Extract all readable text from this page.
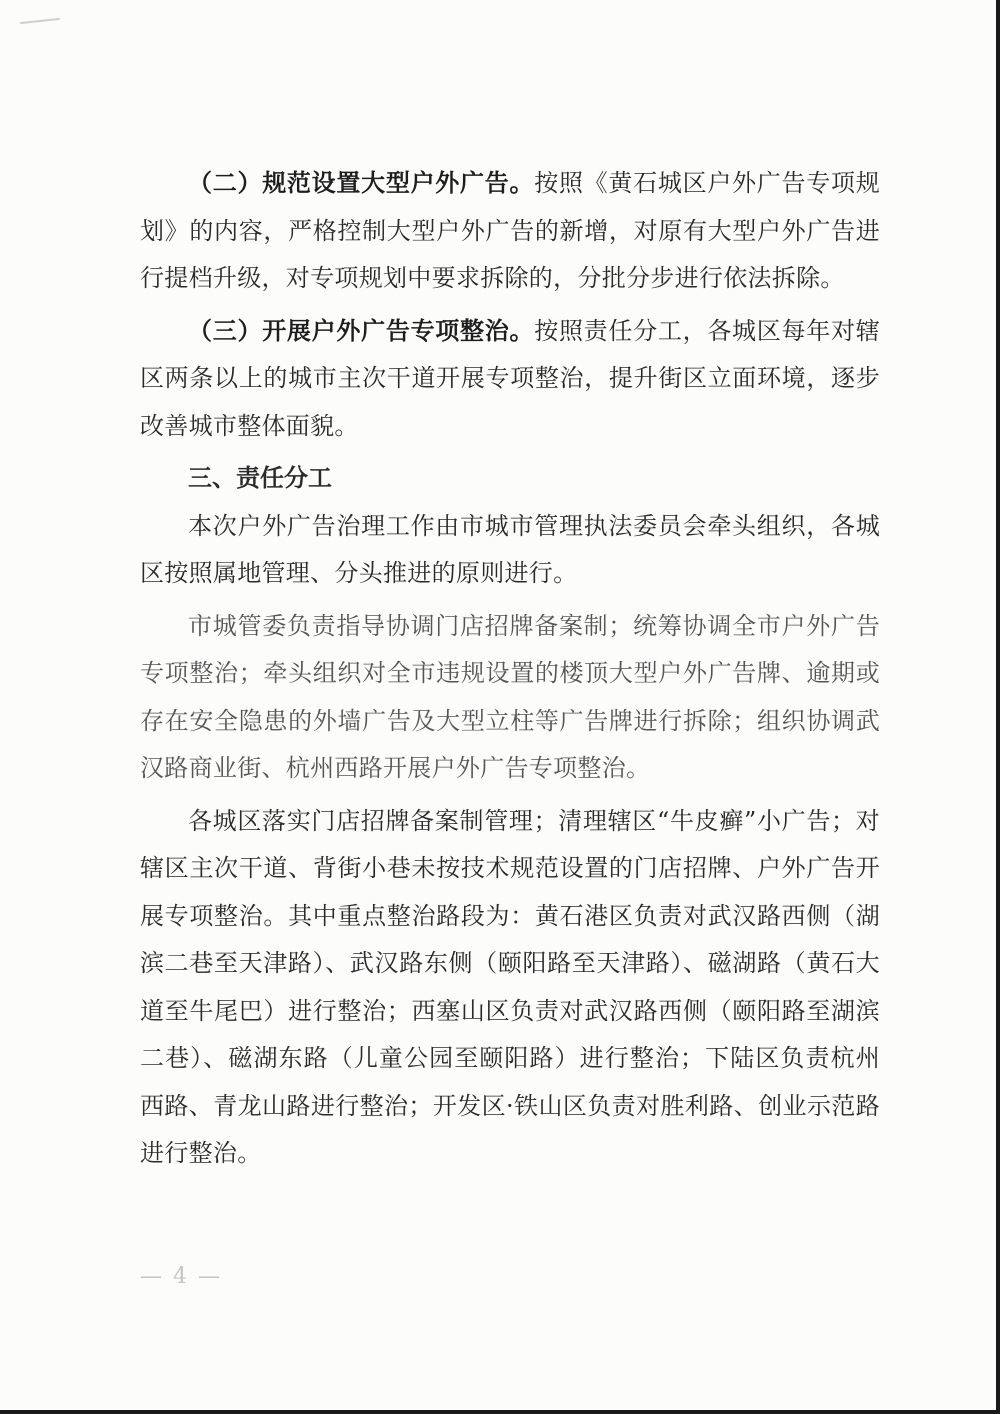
（二）规范设置大型户外广告。按照《黄石城区户外广告专项规划》的内容，严格控制大型户外广告的新增，对原有大型户外广告进行提档升级，对专项规划中要求拆除的，分批分步进行依法拆除。

（三）开展户外广告专项整治。按照责任分工，各城区每年对辖区两条以上的城市主次干道开展专项整治，提升街区立面环境，逐步改善城市整体面貌。

三、责任分工

本次户外广告治理工作由市城市管理执法委员会牵头组织，各城区按照属地管理、分头推进的原则进行。

市城管委负责指导协调门店招牌备案制；统筹协调全市户外广告专项整治；牵头组织对全市违规设置的楼顶大型户外广告牌、逾期或存在安全隐患的外墙广告及大型立柱等广告牌进行拆除；组织协调武汉路商业街、杭州西路开展户外广告专项整治。

各城区落实门店招牌备案制管理；清理辖区“牛皮癣”小广告；对辖区主次干道、背街小巷未按技术规范设置的门店招牌、户外广告开展专项整治。其中重点整治路段为：黄石港区负责对武汉路西侧（湖滨二巷至天津路）、武汉路东侧（颐阳路至天津路）、磁湖路（黄石大道至牛尾巴）进行整治；西塞山区负责对武汉路西侧（颐阳路至湖滨二巷）、磁湖东路（儿童公园至颐阳路）进行整治；下陆区负责杭州西路、青龙山路进行整治；开发区·铁山区负责对胜利路、创业示范路进行整治。

— 4 —
